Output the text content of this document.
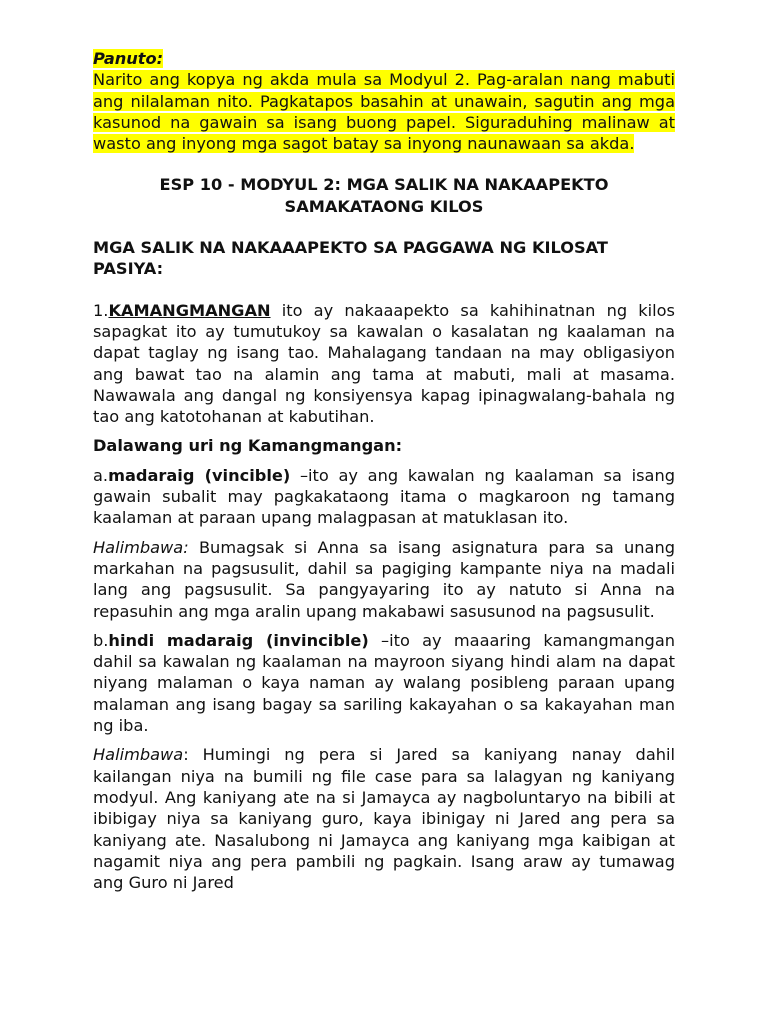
Panuto:

Narito ang kopya ng akda mula sa Modyul 2. Pag-aralan nang mabuti ang nilalaman nito. Pagkatapos basahin at unawain, sagutin ang mga kasunod na gawain sa isang buong papel. Siguraduhing malinaw at wasto ang inyong mga sagot batay sa inyong naunawaan sa akda.

ESP 10 - MODYUL 2: MGA SALIK NA NAKAAPEKTO SAMAKATAONG KILOS

MGA SALIK NA NAKAAAPEKTO SA PAGGAWA NG KILOSAT PASIYA:

1.KAMANGMANGAN ito ay nakaaapekto sa kahihinatnan ng kilos sapagkat ito ay tumutukoy sa kawalan o kasalatan ng kaalaman na dapat taglay ng isang tao. Mahalagang tandaan na may obligasiyon ang bawat tao na alamin ang tama at mabuti, mali at masama. Nawawala ang dangal ng konsiyensya kapag ipinagwalang-bahala ng tao ang katotohanan at kabutihan.

Dalawang uri ng Kamangmangan:

a.madaraig (vincible) –ito ay ang kawalan ng kaalaman sa isang gawain subalit may pagkakataong itama o magkaroon ng tamang kaalaman at paraan upang malagpasan at matuklasan ito.

Halimbawa: Bumagsak si Anna sa isang asignatura para sa unang markahan na pagsusulit, dahil sa pagiging kampante niya na madali lang ang pagsusulit. Sa pangyayaring ito ay natuto si Anna na repasuhin ang mga aralin upang makabawi sasusunod na pagsusulit.

b.hindi madaraig (invincible) –ito ay maaaring kamangmangan dahil sa kawalan ng kaalaman na mayroon siyang hindi alam na dapat niyang malaman o kaya naman ay walang posibleng paraan upang malaman ang isang bagay sa sariling kakayahan o sa kakayahan man ng iba.

Halimbawa: Humingi ng pera si Jared sa kaniyang nanay dahil kailangan niya na bumili ng file case para sa lalagyan ng kaniyang modyul. Ang kaniyang ate na si Jamayca ay nagboluntaryo na bibili at ibibigay niya sa kaniyang guro, kaya ibinigay ni Jared ang pera sa kaniyang ate. Nasalubong ni Jamayca ang kaniyang mga kaibigan at nagamit niya ang pera pambili ng pagkain. Isang araw ay tumawag ang Guro ni Jared
